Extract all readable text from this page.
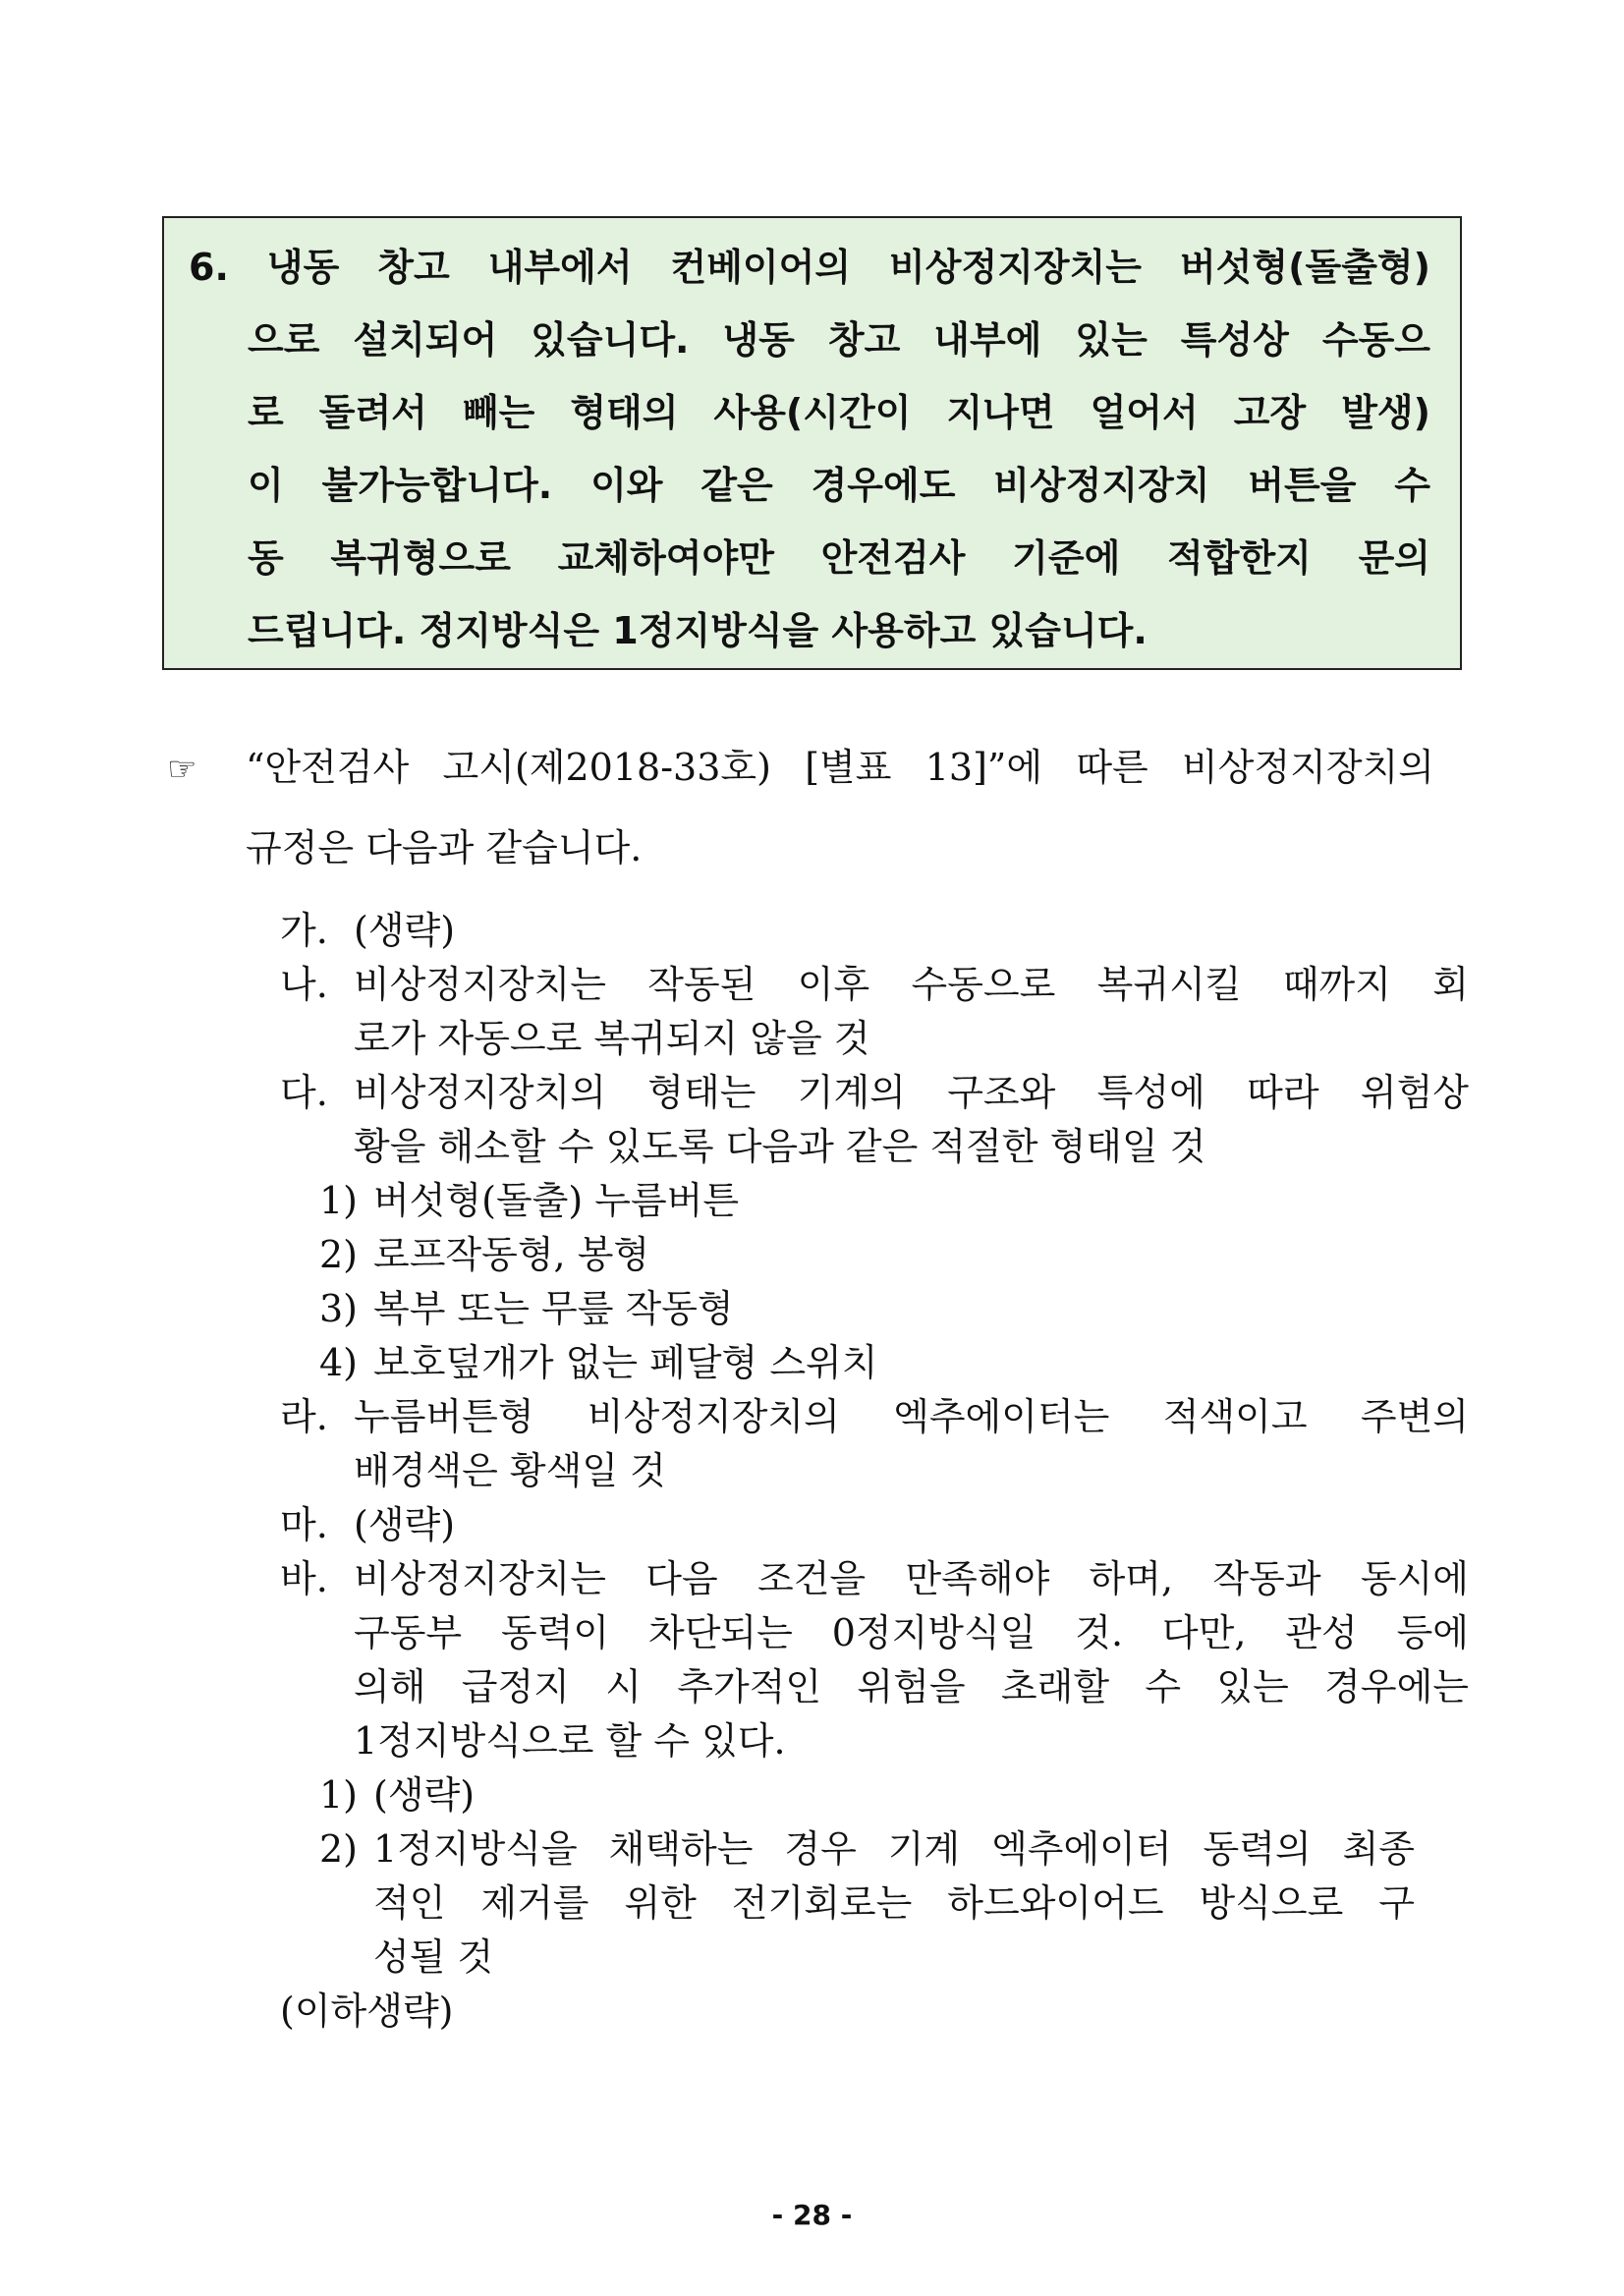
6. 냉동 창고 내부에서 컨베이어의 비상정지장치는 버섯형(돌출형)
으로 설치되어 있습니다. 냉동 창고 내부에 있는 특성상 수동으
로 돌려서 빼는 형태의 사용(시간이 지나면 얼어서 고장 발생)
이 불가능합니다. 이와 같은 경우에도 비상정지장치 버튼을 수
동 복귀형으로 교체하여야만 안전검사 기준에 적합한지 문의
드립니다. 정지방식은 1정지방식을 사용하고 있습니다.
☞ “안전검사 고시(제2018-33호) [별표 13]”에 따른 비상정지장치의
규정은 다음과 같습니다.
가. (생략)
나. 비상정지장치는 작동된 이후 수동으로 복귀시킬 때까지 회
로가 자동으로 복귀되지 않을 것
다. 비상정지장치의 형태는 기계의 구조와 특성에 따라 위험상
황을 해소할 수 있도록 다음과 같은 적절한 형태일 것
1) 버섯형(돌출) 누름버튼
2) 로프작동형, 봉형
3) 복부 또는 무릎 작동형
4) 보호덮개가 없는 페달형 스위치
라. 누름버튼형 비상정지장치의 엑추에이터는 적색이고 주변의
배경색은 황색일 것
마. (생략)
바. 비상정지장치는 다음 조건을 만족해야 하며, 작동과 동시에
구동부 동력이 차단되는 0정지방식일 것. 다만, 관성 등에
의해 급정지 시 추가적인 위험을 초래할 수 있는 경우에는
1정지방식으로 할 수 있다.
1) (생략)
2) 1정지방식을 채택하는 경우 기계 엑추에이터 동력의 최종
적인 제거를 위한 전기회로는 하드와이어드 방식으로 구
성될 것
(이하생략)
- 28 -
